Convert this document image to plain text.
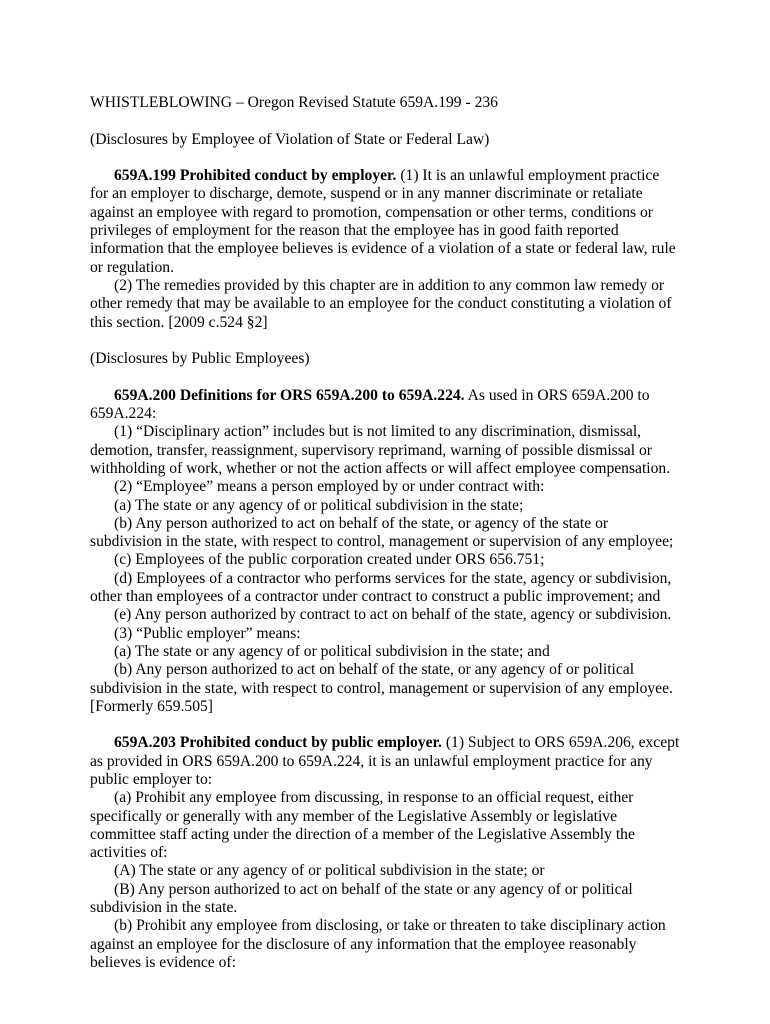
WHISTLEBLOWING – Oregon Revised Statute 659A.199 - 236

(Disclosures by Employee of Violation of State or Federal Law)

659A.199 Prohibited conduct by employer. (1) It is an unlawful employment practice for an employer to discharge, demote, suspend or in any manner discriminate or retaliate against an employee with regard to promotion, compensation or other terms, conditions or privileges of employment for the reason that the employee has in good faith reported information that the employee believes is evidence of a violation of a state or federal law, rule or regulation.

(2) The remedies provided by this chapter are in addition to any common law remedy or other remedy that may be available to an employee for the conduct constituting a violation of this section. [2009 c.524 §2]

(Disclosures by Public Employees)

659A.200 Definitions for ORS 659A.200 to 659A.224. As used in ORS 659A.200 to 659A.224:

(1) “Disciplinary action” includes but is not limited to any discrimination, dismissal, demotion, transfer, reassignment, supervisory reprimand, warning of possible dismissal or withholding of work, whether or not the action affects or will affect employee compensation.

(2) “Employee” means a person employed by or under contract with:

(a) The state or any agency of or political subdivision in the state;

(b) Any person authorized to act on behalf of the state, or agency of the state or subdivision in the state, with respect to control, management or supervision of any employee;

(c) Employees of the public corporation created under ORS 656.751;

(d) Employees of a contractor who performs services for the state, agency or subdivision, other than employees of a contractor under contract to construct a public improvement; and

(e) Any person authorized by contract to act on behalf of the state, agency or subdivision.

(3) “Public employer” means:

(a) The state or any agency of or political subdivision in the state; and

(b) Any person authorized to act on behalf of the state, or any agency of or political subdivision in the state, with respect to control, management or supervision of any employee. [Formerly 659.505]

659A.203 Prohibited conduct by public employer. (1) Subject to ORS 659A.206, except as provided in ORS 659A.200 to 659A.224, it is an unlawful employment practice for any public employer to:

(a) Prohibit any employee from discussing, in response to an official request, either specifically or generally with any member of the Legislative Assembly or legislative committee staff acting under the direction of a member of the Legislative Assembly the activities of:

(A) The state or any agency of or political subdivision in the state; or

(B) Any person authorized to act on behalf of the state or any agency of or political subdivision in the state.

(b) Prohibit any employee from disclosing, or take or threaten to take disciplinary action against an employee for the disclosure of any information that the employee reasonably believes is evidence of:
